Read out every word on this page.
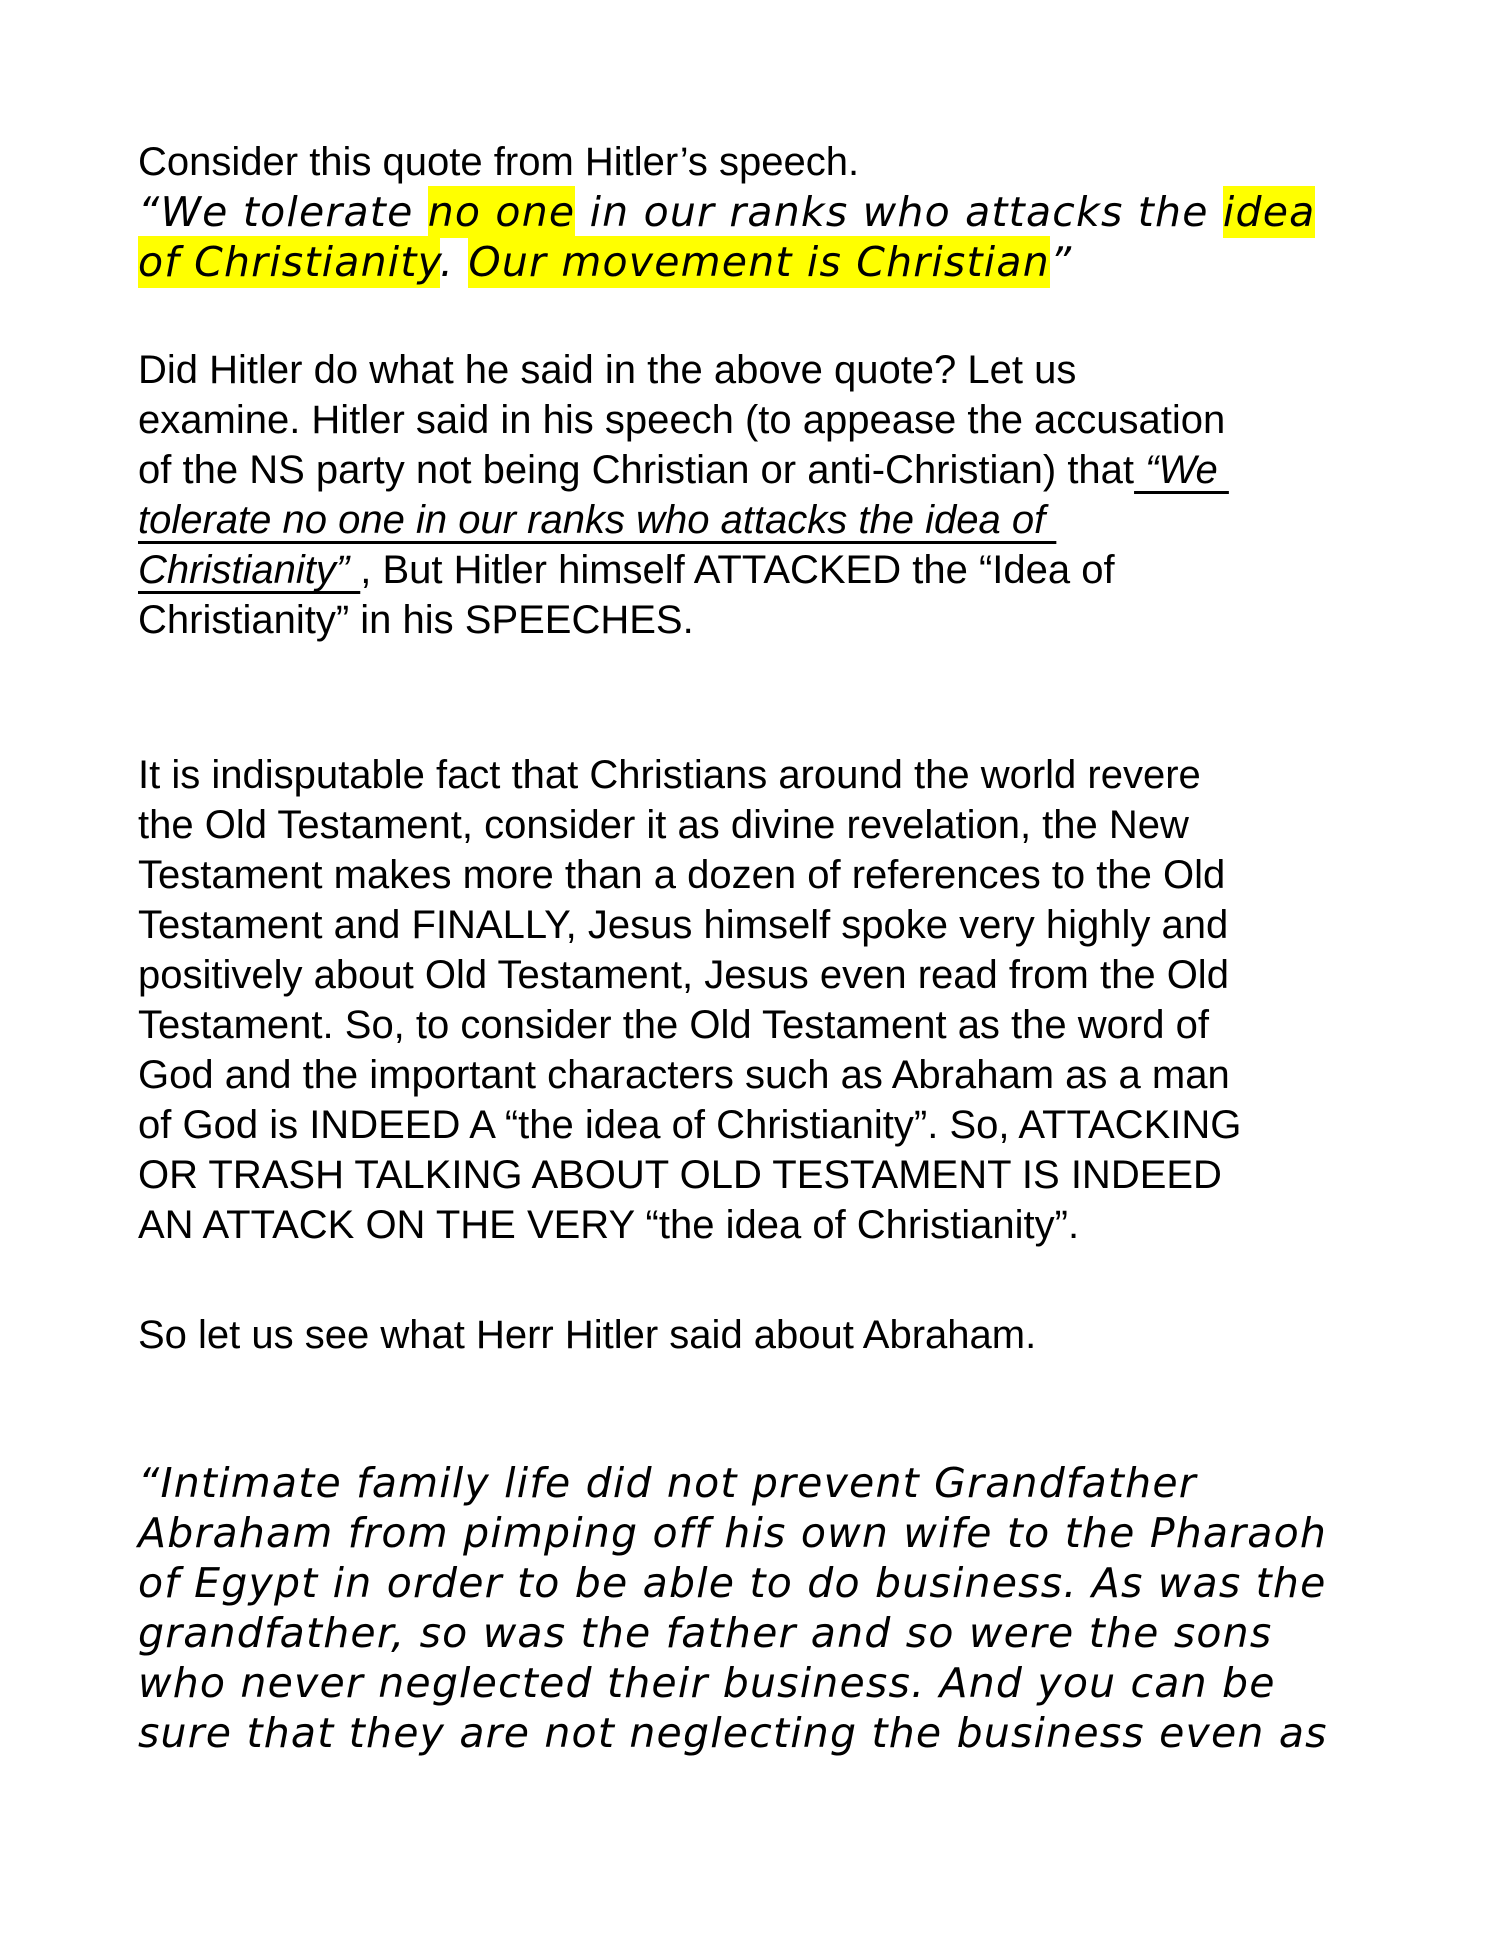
Consider this quote from Hitler’s speech.
“We tolerate no one in our ranks who attacks the idea
of Christianity. Our movement is Christian”
Did Hitler do what he said in the above quote? Let us
examine. Hitler said in his speech (to appease the accusation
of the NS party not being Christian or anti-Christian) that “We
tolerate no one in our ranks who attacks the idea of
Christianity” , But Hitler himself ATTACKED the “Idea of
Christianity” in his SPEECHES.
It is indisputable fact that Christians around the world revere
the Old Testament, consider it as divine revelation, the New
Testament makes more than a dozen of references to the Old
Testament and FINALLY, Jesus himself spoke very highly and
positively about Old Testament, Jesus even read from the Old
Testament. So, to consider the Old Testament as the word of
God and the important characters such as Abraham as a man
of God is INDEED A “the idea of Christianity”. So, ATTACKING
OR TRASH TALKING ABOUT OLD TESTAMENT IS INDEED
AN ATTACK ON THE VERY “the idea of Christianity”.
So let us see what Herr Hitler said about Abraham.
“Intimate family life did not prevent Grandfather
Abraham from pimping off his own wife to the Pharaoh
of Egypt in order to be able to do business. As was the
grandfather, so was the father and so were the sons
who never neglected their business. And you can be
sure that they are not neglecting the business even as
